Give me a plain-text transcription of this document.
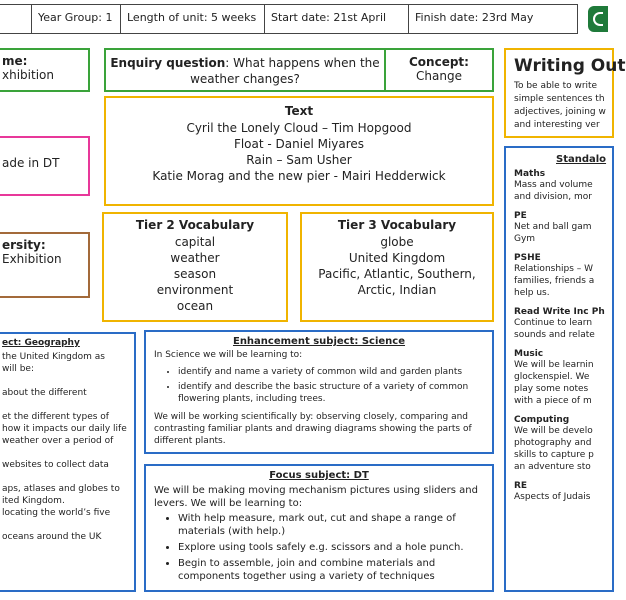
Year Group: 1	Length of unit: 5 weeks	Start date: 21st April	Finish date: 23rd May
me:
xhibition
Enquiry question: What happens when the weather changes?
Concept:
Change	Writing Out
To be able to write
simple sentences th
adjectives, joining w
and interesting ver
Text
Cyril the Lonely Cloud – Tim Hopgood
Float - Daniel Miyares
Rain – Sam Usher
Katie Morag and the new pier - Mairi Hedderwick
ade in DT
ersity:
Exhibition
Tier 2 Vocabulary
capital
weather
season
environment
ocean
Tier 3 Vocabulary
globe
United Kingdom
Pacific, Atlantic, Southern,
Arctic, Indian
Standalo
Maths
Mass and volume
and division, mor
PE
Net and ball gam
Gym
PSHE
Relationships – W
families, friends a
help us.
Read Write Inc Ph
Continue to learn
sounds and relate
Music
We will be learnin
glockenspiel. We
play some notes
with a piece of m
Computing
We will be develo
photography and
skills to capture p
an adventure sto
RE
Aspects of Judais
ect: Geography
the United Kingdom as
will be:

about the different

et the different types of
how it impacts our daily life
weather over a period of

websites to collect data

aps, atlases and globes to
ited Kingdom.
locating the world’s five

oceans around the UK
Enhancement subject: Science

In Science we will be learning to:

• identify and name a variety of common wild and garden plants
• identify and describe the basic structure of a variety of common flowering plants, including trees.

We will be working scientifically by: observing closely, comparing and contrasting familiar plants and drawing diagrams showing the parts of different plants.

Focus subject: DT

We will be making moving mechanism pictures using sliders and levers. We will be learning to:

• With help measure, mark out, cut and shape a range of materials (with help.)
• Explore using tools safely e.g. scissors and a hole punch.
• Begin to assemble, join and combine materials and components together using a variety of techniques
